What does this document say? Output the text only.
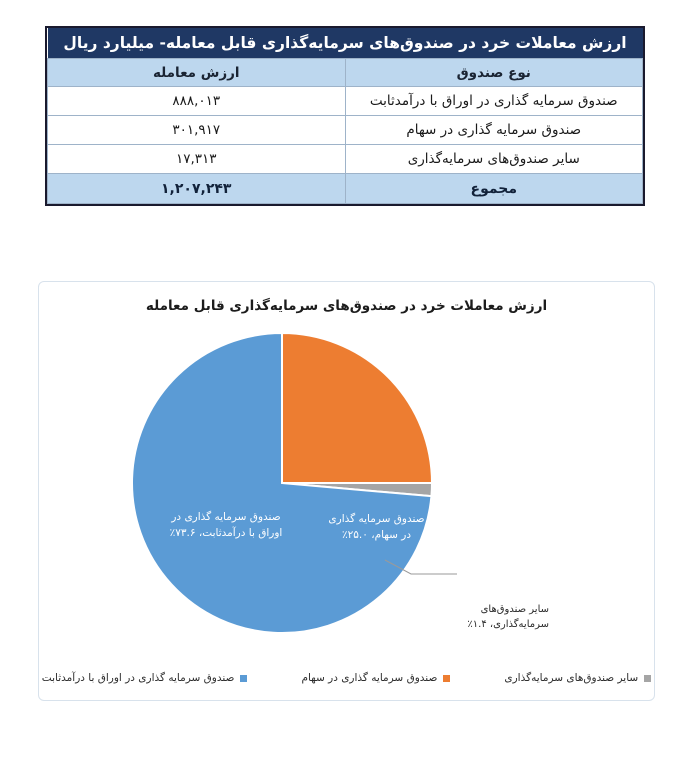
ارزش معاملات خرد در صندوق‌های سرمایه‌گذاری قابل معامله- میلیارد ریال	
نوع صندوق	ارزش معامله
صندوق سرمایه گذاری در اوراق با درآمدثابت	۸۸۸,۰۱۳
صندوق سرمایه گذاری در سهام	۳۰۱,۹۱۷
سایر صندوق‌های سرمایه‌گذاری	۱۷,۳۱۳
مجموع	۱,۲۰۷,۲۴۳
ارزش معاملات خرد در صندوق‌های سرمایه‌گذاری قابل معامله
صندوق سرمایه گذاری در اوراق با درآمدثابت، ۷۳.۶٪
صندوق سرمایه گذاری در سهام، ۲۵.۰٪
سایر صندوق‌های سرمایه‌گذاری، ۱.۴٪
سایر صندوق‌های سرمایه‌گذاری
صندوق سرمایه گذاری در سهام
صندوق سرمایه گذاری در اوراق با درآمدثابت
